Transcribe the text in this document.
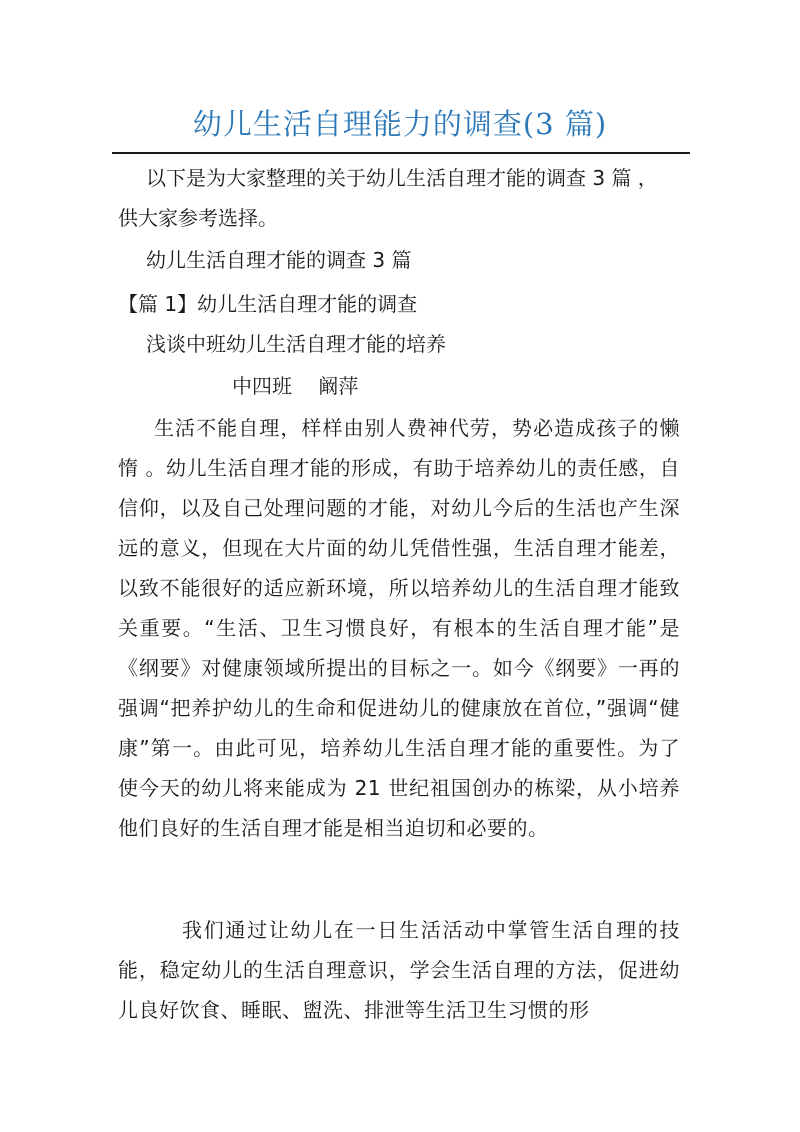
幼儿生活自理能力的调查(3 篇)
以下是为大家整理的关于幼儿生活自理才能的调查 3 篇 ，
供大家参考选择。
幼儿生活自理才能的调查 3 篇
【篇 1】幼儿生活自理才能的调查
浅谈中班幼儿生活自理才能的培养
中四班　 阚萍
生活不能自理，样样由别人费神代劳，势必造成孩子的懒惰 。幼儿生活自理才能的形成，有助于培养幼儿的责任感，自信仰，以及自己处理问题的才能，对幼儿今后的生活也产生深远的意义，但现在大片面的幼儿凭借性强，生活自理才能差，以致不能很好的适应新环境，所以培养幼儿的生活自理才能致关重要。“生活、卫生习惯良好，有根本的生活自理才能”是《纲要》对健康领域所提出的目标之一。如今《纲要》一再的强调“把养护幼儿的生命和促进幼儿的健康放在首位，”强调“健康”第一。由此可见，培养幼儿生活自理才能的重要性。为了使今天的幼儿将来能成为 21 世纪祖国创办的栋梁，从小培养他们良好的生活自理才能是相当迫切和必要的。
我们通过让幼儿在一日生活活动中掌管生活自理的技能，稳定幼儿的生活自理意识，学会生活自理的方法，促进幼儿良好饮食、睡眠、盥洗、排泄等生活卫生习惯的形
